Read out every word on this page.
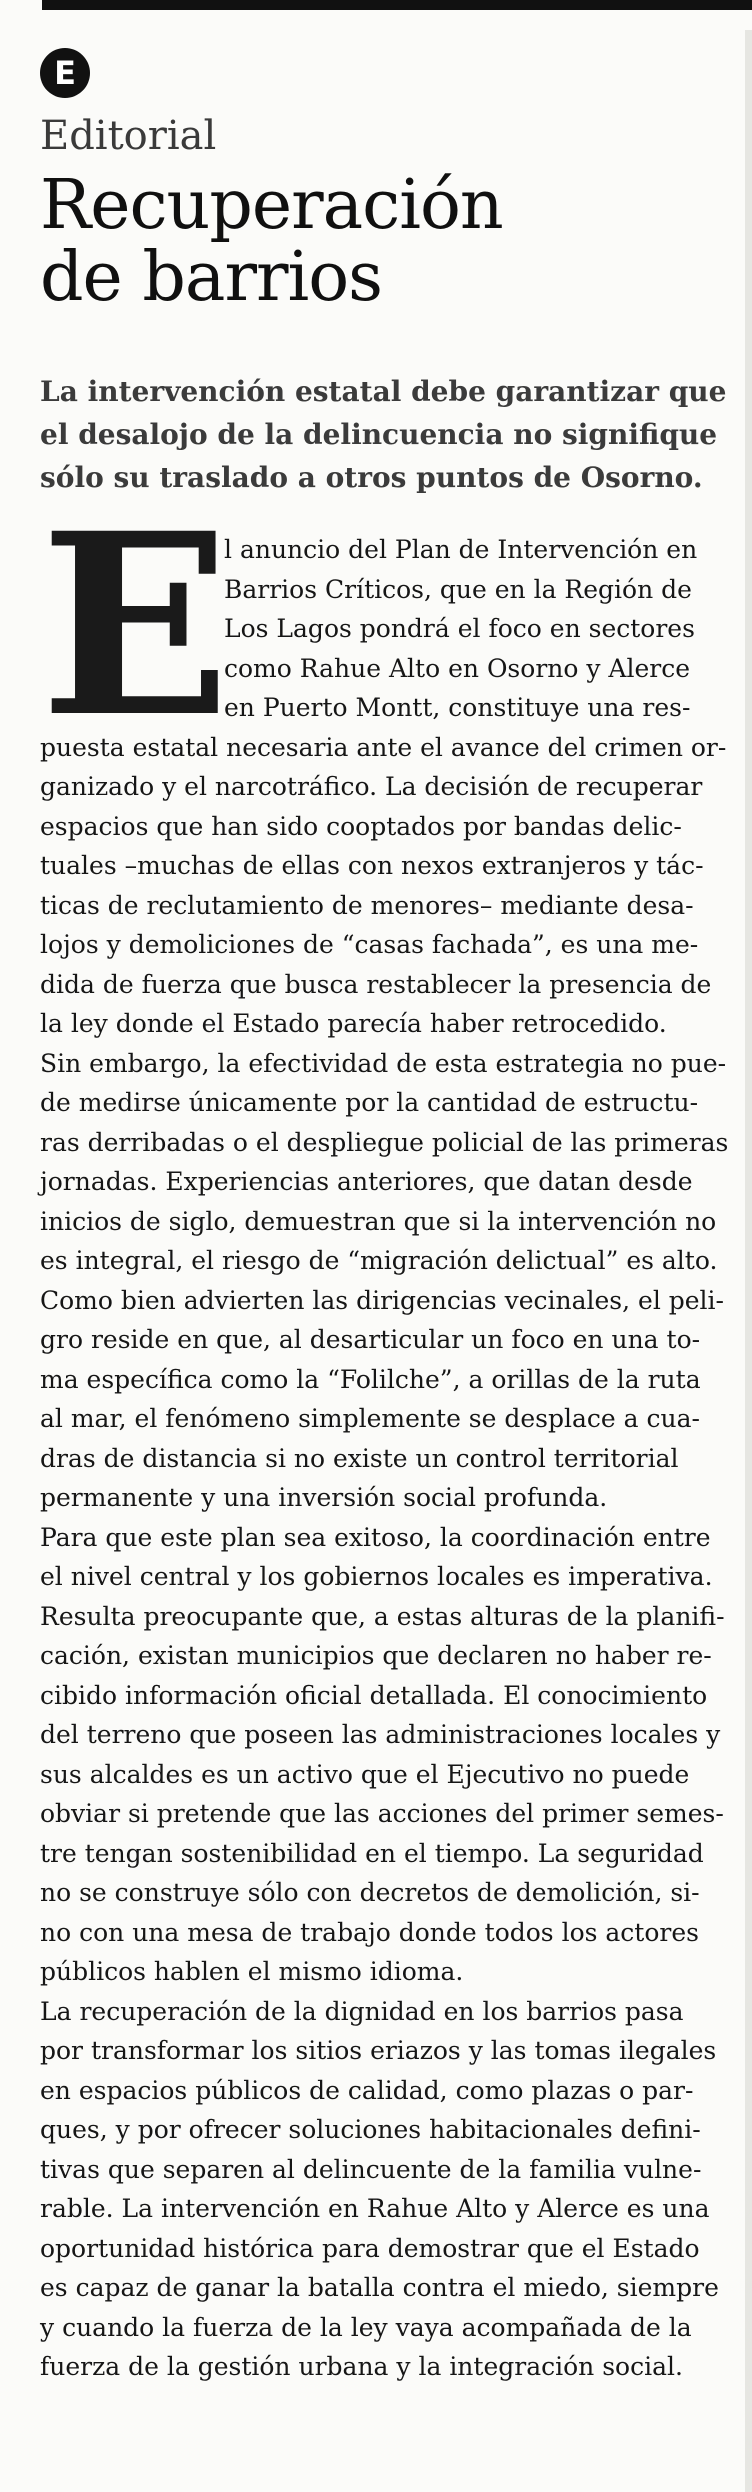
E
Editorial
Recuperación
de barrios
La intervención estatal debe garantizar que
el desalojo de la delincuencia no signifique
sólo su traslado a otros puntos de Osorno.
E
l anuncio del Plan de Intervención en
Barrios Críticos, que en la Región de
Los Lagos pondrá el foco en sectores
como Rahue Alto en Osorno y Alerce
en Puerto Montt, constituye una res-
puesta estatal necesaria ante el avance del crimen or-
ganizado y el narcotráfico. La decisión de recuperar
espacios que han sido cooptados por bandas delic-
tuales –muchas de ellas con nexos extranjeros y tác-
ticas de reclutamiento de menores– mediante desa-
lojos y demoliciones de “casas fachada”, es una me-
dida de fuerza que busca restablecer la presencia de
la ley donde el Estado parecía haber retrocedido.
Sin embargo, la efectividad de esta estrategia no pue-
de medirse únicamente por la cantidad de estructu-
ras derribadas o el despliegue policial de las primeras
jornadas. Experiencias anteriores, que datan desde
inicios de siglo, demuestran que si la intervención no
es integral, el riesgo de “migración delictual” es alto.
Como bien advierten las dirigencias vecinales, el peli-
gro reside en que, al desarticular un foco en una to-
ma específica como la “Folilche”, a orillas de la ruta
al mar, el fenómeno simplemente se desplace a cua-
dras de distancia si no existe un control territorial
permanente y una inversión social profunda.
Para que este plan sea exitoso, la coordinación entre
el nivel central y los gobiernos locales es imperativa.
Resulta preocupante que, a estas alturas de la planifi-
cación, existan municipios que declaren no haber re-
cibido información oficial detallada. El conocimiento
del terreno que poseen las administraciones locales y
sus alcaldes es un activo que el Ejecutivo no puede
obviar si pretende que las acciones del primer semes-
tre tengan sostenibilidad en el tiempo. La seguridad
no se construye sólo con decretos de demolición, si-
no con una mesa de trabajo donde todos los actores
públicos hablen el mismo idioma.
La recuperación de la dignidad en los barrios pasa
por transformar los sitios eriazos y las tomas ilegales
en espacios públicos de calidad, como plazas o par-
ques, y por ofrecer soluciones habitacionales defini-
tivas que separen al delincuente de la familia vulne-
rable. La intervención en Rahue Alto y Alerce es una
oportunidad histórica para demostrar que el Estado
es capaz de ganar la batalla contra el miedo, siempre
y cuando la fuerza de la ley vaya acompañada de la
fuerza de la gestión urbana y la integración social.
